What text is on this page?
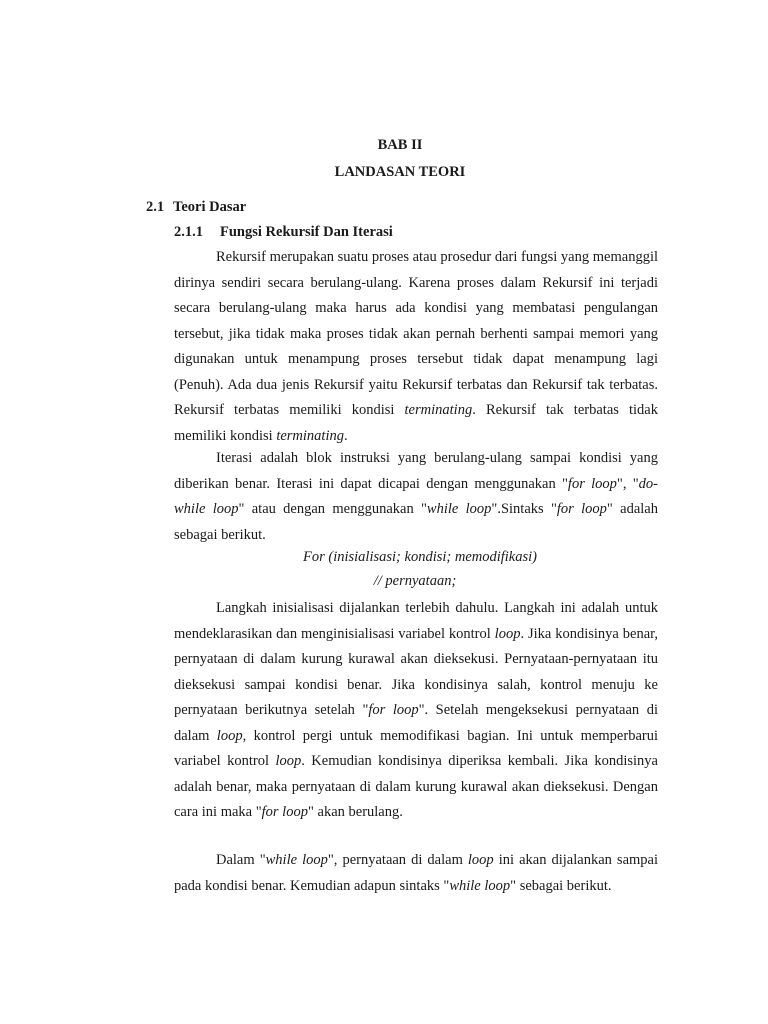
BAB II
LANDASAN TEORI
2.1 Teori Dasar
2.1.1 Fungsi Rekursif Dan Iterasi

Rekursif merupakan suatu proses atau prosedur dari fungsi yang memanggil dirinya sendiri secara berulang-ulang. Karena proses dalam Rekursif ini terjadi secara berulang-ulang maka harus ada kondisi yang membatasi pengulangan tersebut, jika tidak maka proses tidak akan pernah berhenti sampai memori yang digunakan untuk menampung proses tersebut tidak dapat menampung lagi (Penuh). Ada dua jenis Rekursif yaitu Rekursif terbatas dan Rekursif tak terbatas. Rekursif terbatas memiliki kondisi terminating. Rekursif tak terbatas tidak memiliki kondisi terminating.

Iterasi adalah blok instruksi yang berulang-ulang sampai kondisi yang diberikan benar. Iterasi ini dapat dicapai dengan menggunakan "for loop", "do-while loop" atau dengan menggunakan "while loop".Sintaks "for loop" adalah sebagai berikut.

For (inisialisasi; kondisi; memodifikasi)
// pernyataan;

Langkah inisialisasi dijalankan terlebih dahulu. Langkah ini adalah untuk mendeklarasikan dan menginisialisasi variabel kontrol loop. Jika kondisinya benar, pernyataan di dalam kurung kurawal akan dieksekusi. Pernyataan-pernyataan itu dieksekusi sampai kondisi benar. Jika kondisinya salah, kontrol menuju ke pernyataan berikutnya setelah "for loop". Setelah mengeksekusi pernyataan di dalam loop, kontrol pergi untuk memodifikasi bagian. Ini untuk memperbarui variabel kontrol loop. Kemudian kondisinya diperiksa kembali. Jika kondisinya adalah benar, maka pernyataan di dalam kurung kurawal akan dieksekusi. Dengan cara ini maka "for loop" akan berulang.

Dalam "while loop", pernyataan di dalam loop ini akan dijalankan sampai pada kondisi benar. Kemudian adapun sintaks "while loop" sebagai berikut.
